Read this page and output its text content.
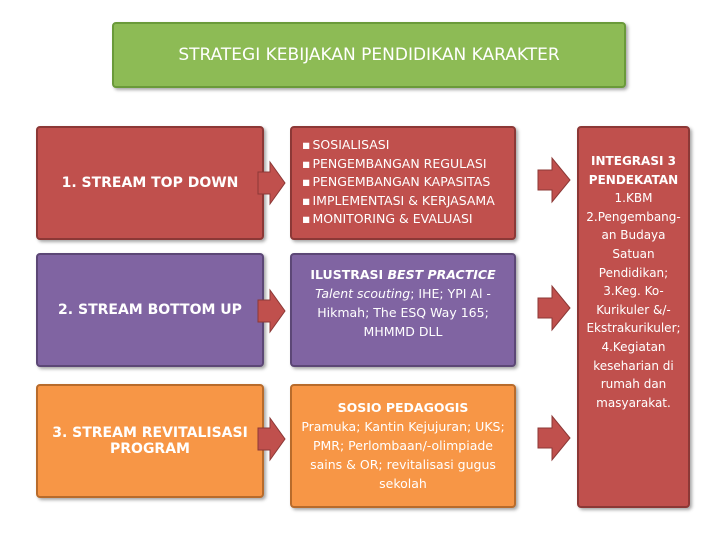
STRATEGI KEBIJAKAN PENDIDIKAN KARAKTER
1. STREAM TOP DOWN
2. STREAM BOTTOM UP
3. STREAM REVITALISASI PROGRAM
▪ SOSIALISASI
▪ PENGEMBANGAN REGULASI
▪ PENGEMBANGAN KAPASITAS
▪ IMPLEMENTASI & KERJASAMA
▪ MONITORING & EVALUASI
ILUSTRASI BEST PRACTICE
Talent scouting; IHE; YPI Al - Hikmah; The ESQ Way 165; MHMMD DLL
SOSIO PEDAGOGIS
Pramuka; Kantin Kejujuran; UKS; PMR; Perlombaan/-olimpiade sains & OR; revitalisasi gugus sekolah
INTEGRASI 3 PENDEKATAN
1.KBM
2.Pengembang-an Budaya Satuan Pendidikan;
3.Keg. Ko-Kurikuler &/-Ekstrakurikuler;
4.Kegiatan keseharian di rumah dan masyarakat.
